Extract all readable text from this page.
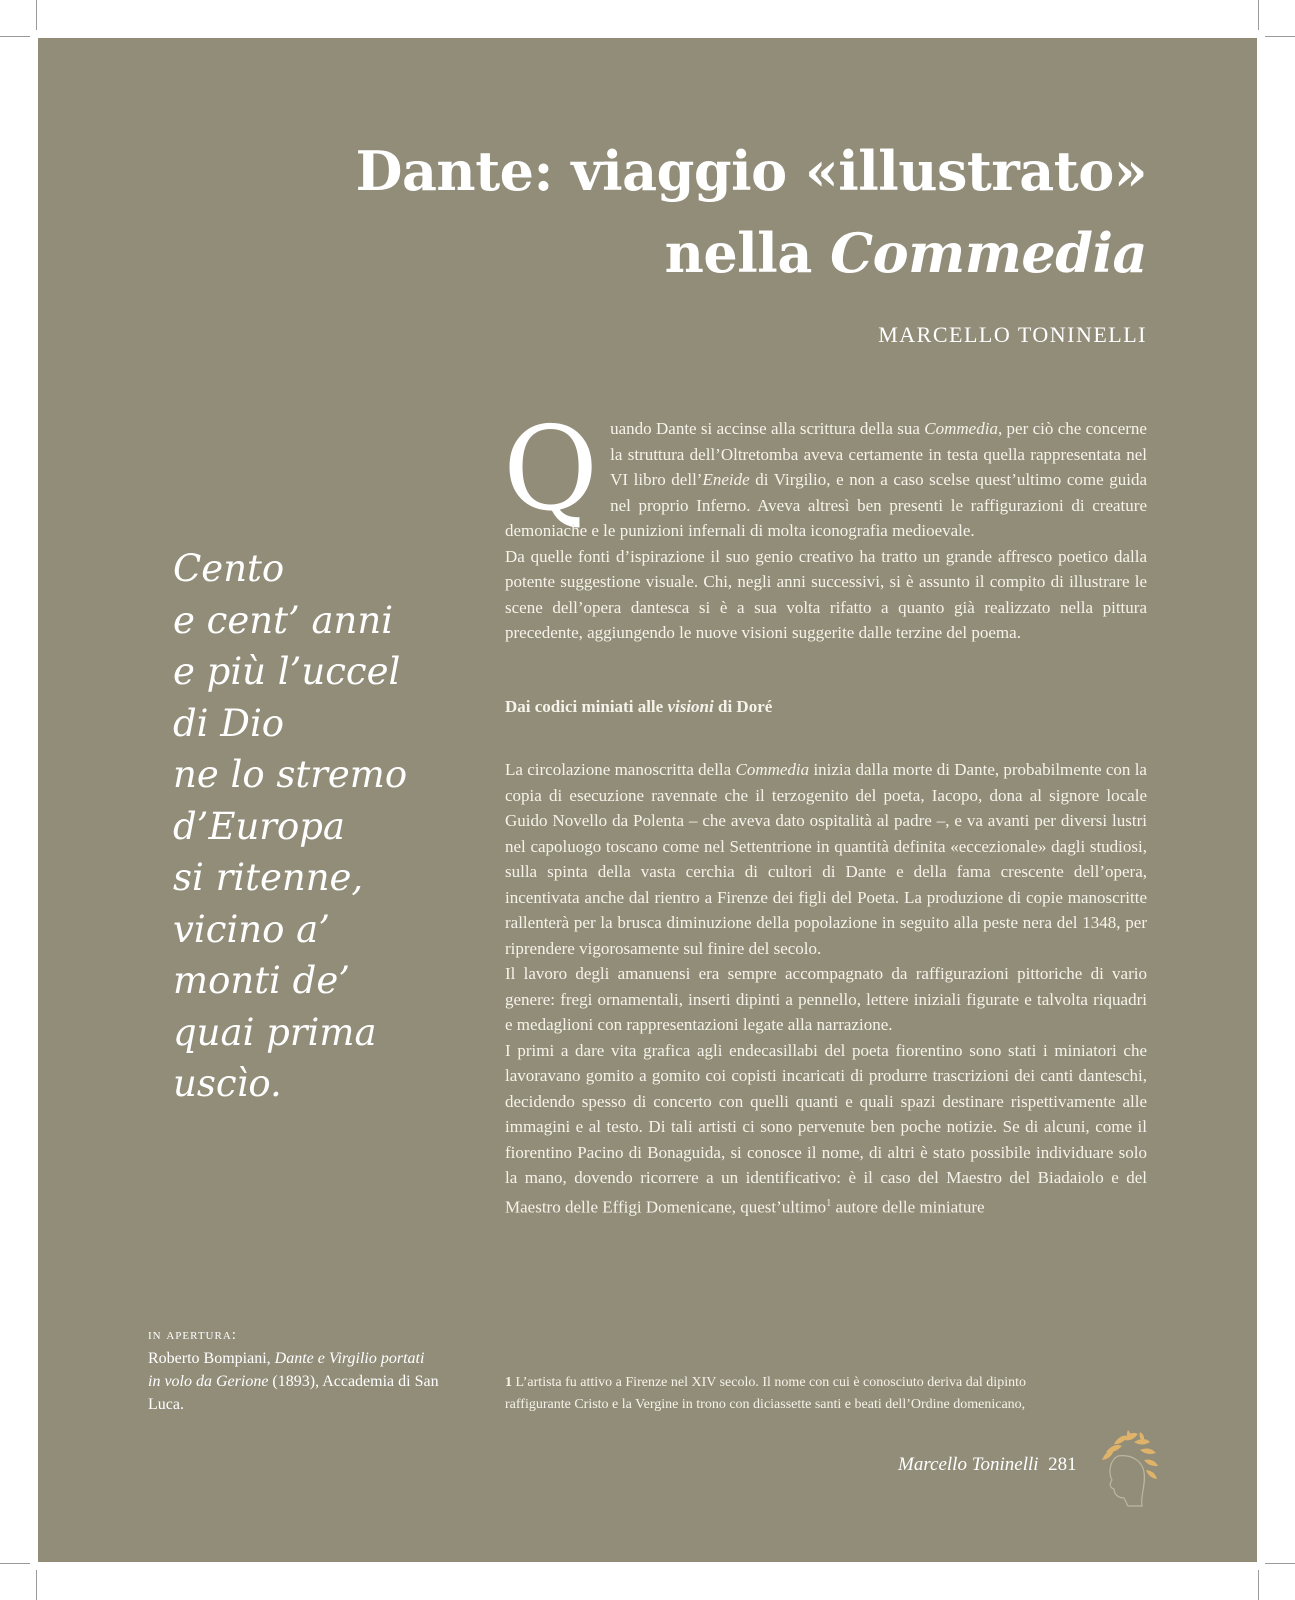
Dante: viaggio «illustrato»
nella Commedia
MARCELLO TONINELLI
Cento
e cent’ anni
e più l’uccel
di Dio
ne lo stremo
d’Europa
si ritenne,
vicino a’
monti de’
quai prima
uscìo.

Quando Dante si accinse alla scrittura della sua Commedia, per ciò che concerne la struttura dell’Oltretomba aveva certamente in testa quella rappresentata nel VI libro dell’Eneide di Virgilio, e non a caso scelse quest’ultimo come guida nel proprio Inferno. Aveva altresì ben presenti le raffigurazioni di creature demoniache e le punizioni infernali di molta iconografia medioevale.

Da quelle fonti d’ispirazione il suo genio creativo ha tratto un grande affresco poetico dalla potente suggestione visuale. Chi, negli anni successivi, si è assunto il compito di illustrare le scene dell’opera dantesca si è a sua volta rifatto a quanto già realizzato nella pittura precedente, aggiungendo le nuove visioni suggerite dalle terzine del poema.

Dai codici miniati alle visioni di Doré

La circolazione manoscritta della Commedia inizia dalla morte di Dante, probabilmente con la copia di esecuzione ravennate che il terzogenito del poeta, Iacopo, dona al signore locale Guido Novello da Polenta – che aveva dato ospitalità al padre –, e va avanti per diversi lustri nel capoluogo toscano come nel Settentrione in quantità definita «eccezionale» dagli studiosi, sulla spinta della vasta cerchia di cultori di Dante e della fama crescente dell’opera, incentivata anche dal rientro a Firenze dei figli del Poeta. La produzione di copie manoscritte rallenterà per la brusca diminuzione della popolazione in seguito alla peste nera del 1348, per riprendere vigorosamente sul finire del secolo.

Il lavoro degli amanuensi era sempre accompagnato da raffigurazioni pittoriche di vario genere: fregi ornamentali, inserti dipinti a pennello, lettere iniziali figurate e talvolta riquadri e medaglioni con rappresentazioni legate alla narrazione.

I primi a dare vita grafica agli endecasillabi del poeta fiorentino sono stati i miniatori che lavoravano gomito a gomito coi copisti incaricati di produrre trascrizioni dei canti danteschi, decidendo spesso di concerto con quelli quanti e quali spazi destinare rispettivamente alle immagini e al testo. Di tali artisti ci sono pervenute ben poche notizie. Se di alcuni, come il fiorentino Pacino di Bonaguida, si conosce il nome, di altri è stato possibile individuare solo la mano, dovendo ricorrere a un identificativo: è il caso del Maestro del Biadaiolo e del Maestro delle Effigi Domenicane, quest’ultimo$^1$ autore delle miniature

in apertura:
Roberto Bompiani, Dante e Virgilio portati
in volo da Gerione (1893), Accademia di San
Luca.
1 L’artista fu attivo a Firenze nel XIV secolo. Il nome con cui è conosciuto deriva dal dipinto
raffigurante Cristo e la Vergine in trono con diciassette santi e beati dell’Ordine domenicano,
Marcello Toninelli 281
